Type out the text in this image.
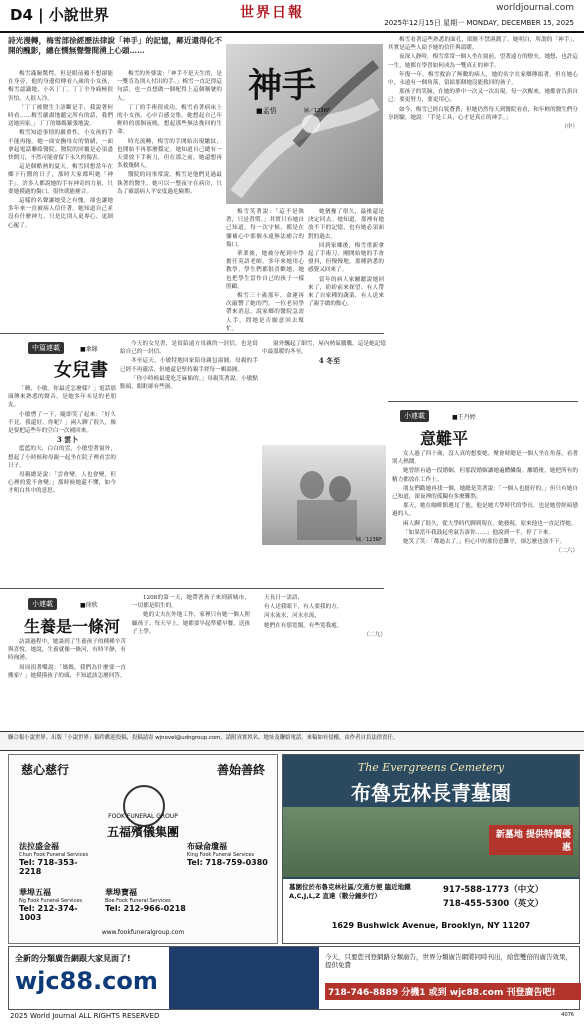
D4 | 小說世界	世界日報	worldjournal.com
2025年12月15日 星期一 MONDAY, DECEMBER 15, 2025
詩光漫轉，梅雪部徐經歷法律說「神手」的記憶，鄰近還得化不開的醜影，總在憫無聲聲間湧上心頭……

梅雪滿臉驚愕。但是眼前賴不想卻能在身旁，他的身邊似傳看八歲的小女孩，梅雪認識她，小名丁丁。丁丁全身痛極很害怕，人很人冷。

「丁丁被醫生主診斷是手，我說著何時看……梅雪嚴肅地聽完所有的話，我們送她回家。」丁丁的媽媽緊張地說。

梅雪知道事情的嚴重性，小女孩的手不能再拖。她一面安撫母女的情緒，一面拿起電話聯絡醫院。醫院的回覆是必須盡快開刀，不然可能會留下永久的傷害。

這是個酷熱的夏天，梅雪回想當年在鄉下行醫的日子，那時大家都叫她「神手」。許多人都說她的手有神奇的力量，只要她摸過的傷口，很快就能癒合。

這樣的名聲讓她受之有愧，卻也讓她多年來一直被病人信任著。她知道自己並沒有什麼神力，只是比別人更專心、更細心罷了。

梅雪的外婆說：「神手不是天生的，是一雙肯為別人付出的手。」梅雪一直記得這句話，也一直想做一個配得上這個稱號的人。

丁丁的手術很成功，梅雪看著病床上的小女孩，心中百感交集。她想起自己年輕時的那個夜晚，想起那些無法挽回的生命。

時光流轉，梅雪的手開始出現皺紋，也開始不再那麼穩定。她知道自己總有一天要放下手術刀，但在那之前，她還想再多救幾個人。

醫院的同事常說，梅雪是他們見過最執著的醫生。她可以一整夜守在病房，只為了確認病人平安度過危險期。

神手
■孟悟	圖／123RF

梅雪笑著說：「這不是執著，只是習慣。」其實只有她自己知道，每一次守候，都是在彌補心中那個永遠無法癒合的傷口。

華業後，她被分配到中學擔任英語老師。多年來她用心教學，學生們都很喜歡她，她也把學生當作自己的孩子一樣照顧。

梅雪三十歲那年，命運再次敲響了她的門。一位老同學帶來消息，說家鄉的醫院急需人手，問她是否願意回去幫忙。

她猶豫了很久，最後還是決定回去。她知道，那裡有她放不下的記憶，也有她必須面對的過去。

回到家鄉後，梅雪重新拿起了手術刀。剛開始她的手會發抖，但慢慢地，那種熟悉的感覺又回來了。

當年的病人家屬聽說她回來了，紛紛前來探望。有人帶來了自家種的蔬菜，有人送來了親手做的點心。

梅雪看著這些熟悉的面孔，眼眶不禁濕潤了。她明白，所謂的「神手」，其實是這些人給予她的信任與溫暖。

夜深人靜時，梅雪常常一個人坐在窗前，望著遠方的燈火。她想，也許這一生，她都在學習如何成為一雙真正的神手。

年復一年，梅雪救治了無數的病人，她的名字在家鄉傳頌著。但在她心中，永遠有一個角落，留給那個她沒能救回的孩子。

那孩子的笑臉，在她的夢中一次又一次出現。每一次醒來，她都會告訴自己：要更努力，要更用心。

如今，梅雪已經白髮蒼蒼，但她仍然每天到醫院看看，和年輕的醫生們分享經驗。她說：「手是工具，心才是真正的神手。」

（中）

中篇連載	■傘緣
女兒書

「嗨，小敏。你最近怎麼樣？」電話那頭傳來熟悉的聲音，是她多年未見的老朋友。

小敏愣了一下，隨即笑了起來：「好久不見，我還好，你呢？」兩人聊了很久，像是要把這些年的空白一次補回來。

3 雲卜

藍藍的天，白白的雲，小敏望著窗外，想起了小時候和母親一起坐在院子裡看雲的日子。

母親總是說：「雲會變，人也會變，但心裡的愛不會變。」那時候她還不懂，如今才明白其中的意思。

今天的女兒書，是寫給遠方母親的一封信，也是寫給自己的一封信。

冬至這天，小敏特地回家陪母親包湯圓。母親的手已經不再靈活，但她還是堅持親手搓每一顆湯圓。

「你小時候最愛吃芝麻餡的。」母親笑著說。小敏點點頭，眼眶卻有些濕。

窗外飄起了細雪，屋內熱氣騰騰，這是她記憶中最溫暖的冬至。

4 冬至

圖／123RF
小連載	■徐欣
生養是一條河

訪談過程中，她談到了生養孩子的種種辛苦與喜悅。她說，生養就像一條河，有時平靜，有時洶湧。

周周捐著嘴說：「媽媽，我們為什麼要一直搬家？」她摸摸孩子的頭，不知道該怎麼回答。

1208的第一天，她帶著孩子來到新城市，一切都是陌生的。

她的丈夫在外地工作，家裡只有她一個人照顧孩子。每天早上，她都要早起準備早餐，送孩子上學。

天長日一語語，

有人送我眼下，有人要我的方，

河水流水，河水水流，

她們在有那宽闊，有些宽我處。

（二九）

小連載	■王丹婷
意難平

女人過了四十歲，沒人真的想要她。聚會時總是一個人坐在角落，看著別人熱鬧。

她曾經有過一段婚姻，但那段婚姻讓她遍體鱗傷。離婚後，她把所有的精力都放在工作上。

朋友們勸她再找一個，她總是笑著說：「一個人也挺好的。」但只有她自己知道，深夜裡的孤獨有多麼難熬。

那天，她在咖啡館遇見了他。他是她大學時代的學長，也是她曾經暗戀過的人。

兩人聊了很久，從大學時代聊到現在。她發現，原來他也一直記得她。

「如果當年我鼓起勇氣告訴你……」他說到一半，停了下來。

她笑了笑：「都過去了。」但心中的那份意難平，卻怎麼也放不下。

（二六）

聯合報小說世界。出版「小說世界」稿件歡迎投稿，投稿請寄 wjnovel@udngroup.com，請附真實姓名、地址及聯絡電話。來稿如有侵權，由作者自負法律責任。
慈心慈行	善始善終
FOOK FUNERAL GROUP
五福殯儀集團
法拉盛金福
Chun Fook Funeral Services
Tel: 718-353-2218
布碌侖瓊福
King Fook Funeral Services
Tel: 718-759-0380
華埠五福
Ng Fook Funeral Services
Tel: 212-374-1003
華埠寶福
Boe Fook Funeral Services
Tel: 212-966-0218
www.fookfuneralgroup.com
The Evergreens Cemetery
布魯克林長青墓園
新墓地 提供特價優惠
墓園位於布魯克林社區/交通方便 臨近地鐵 A,C,J,L,Z 直達（數分鐘步行）
917-588-1773（中文）
718-455-5300（英文）
1629 Bushwick Avenue, Brooklyn, NY 11207
全新的分類廣告網跟大家見面了!
wjc88.com
今天，只要您刊登網路分類廣告，世界分類廣告網將同時刊出，給您雙倍的廣告效果，提供免費
718-746-8889 分機1 或到 wjc88.com 刊登廣告吧!
2025 World Journal ALL RIGHTS RESERVED	4076
